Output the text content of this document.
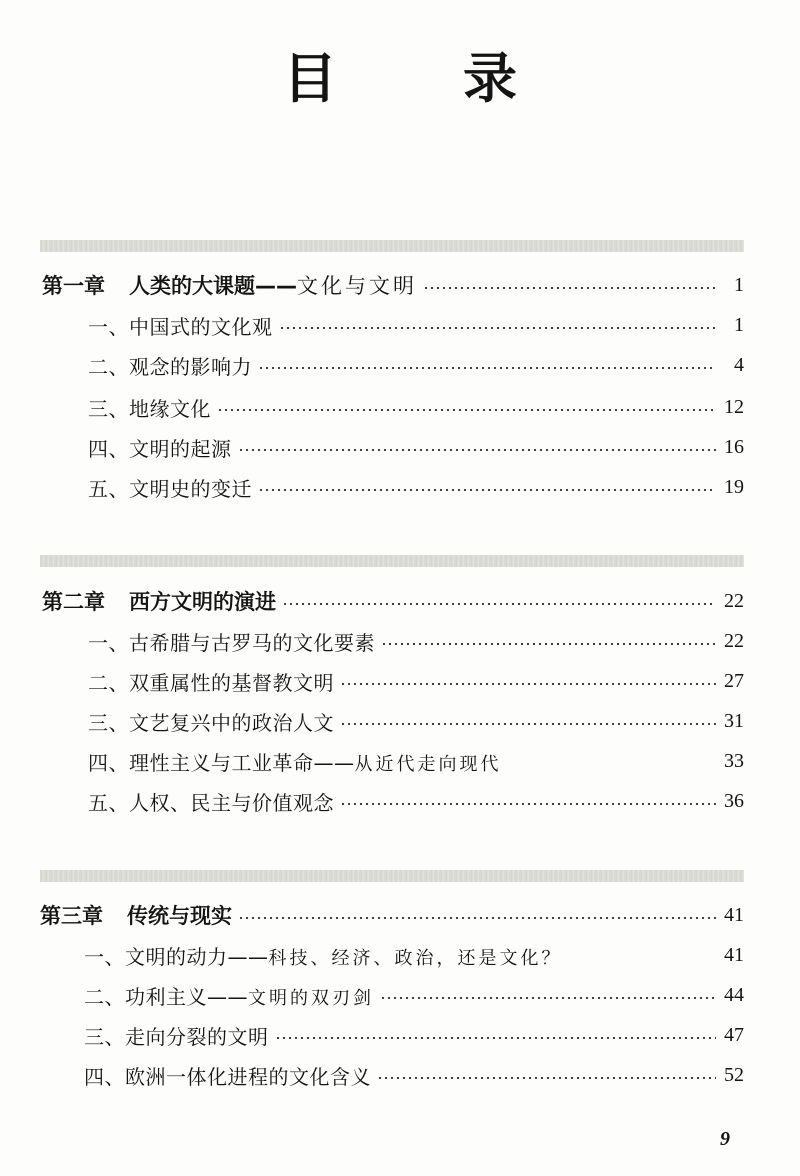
目　录
第一章 人类的大课题——文化与文明	1
一、中国式的文化观	1
二、观念的影响力	4
三、地缘文化	12
四、文明的起源	16
五、文明史的变迁	19
第二章 西方文明的演进	22
一、古希腊与古罗马的文化要素	22
二、双重属性的基督教文明	27
三、文艺复兴中的政治人文	31
四、理性主义与工业革命——从近代走向现代	33
五、人权、民主与价值观念	36
第三章 传统与现实	41
一、文明的动力——科技、经济、政治，还是文化？	41
二、功利主义——文明的双刃剑	44
三、走向分裂的文明	47
四、欧洲一体化进程的文化含义	52
9
